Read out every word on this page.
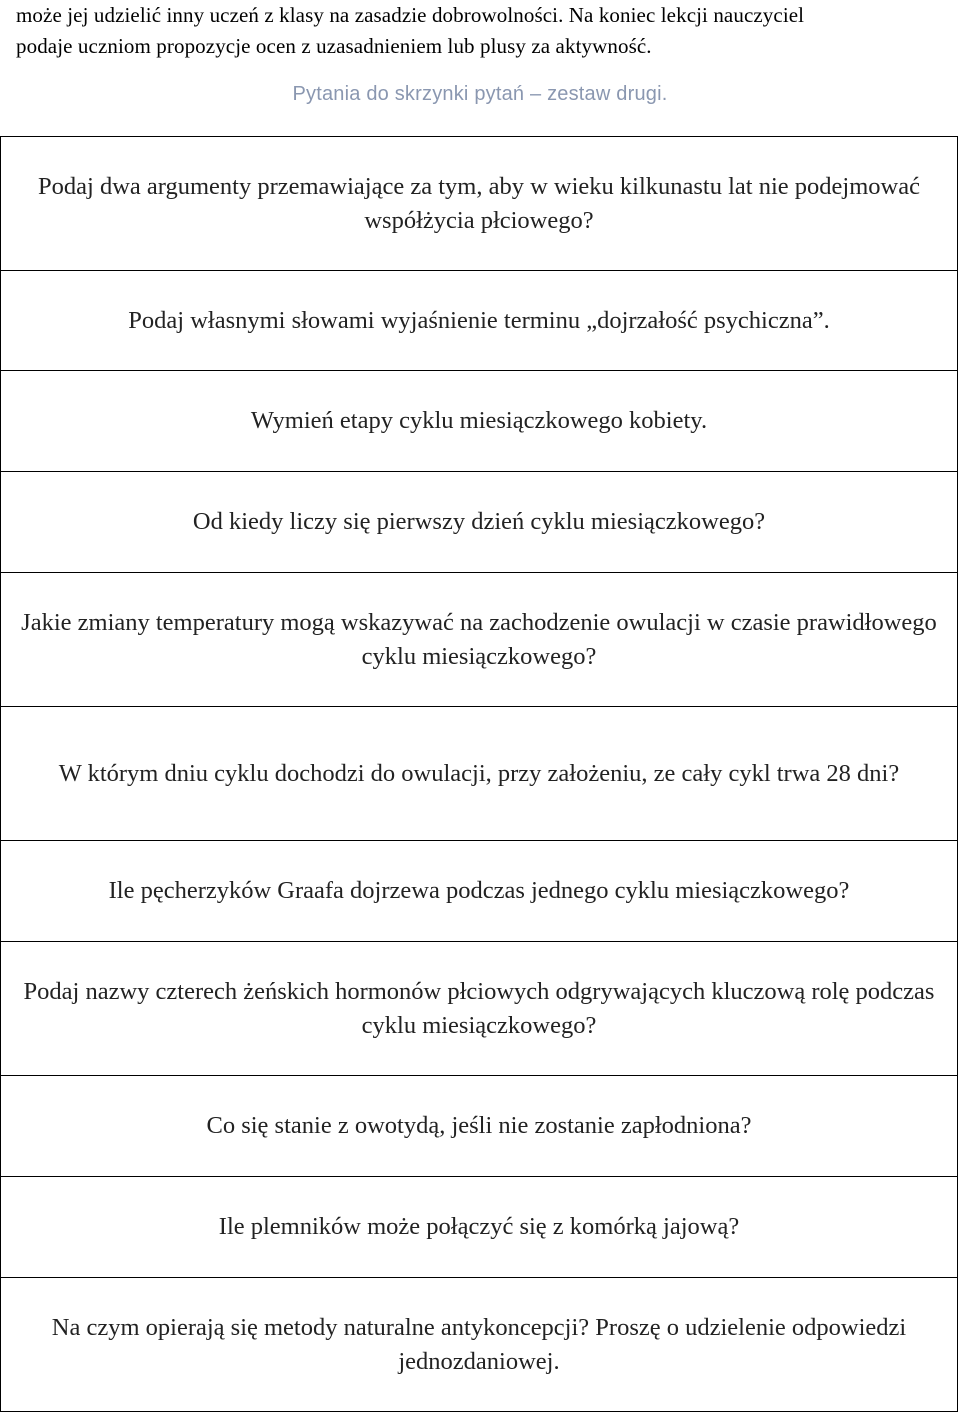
może jej udzielić inny uczeń z klasy na zasadzie dobrowolności. Na koniec lekcji nauczyciel

podaje uczniom propozycje ocen z uzasadnieniem lub plusy za aktywność.

Pytania do skrzynki pytań – zestaw drugi.
Podaj dwa argumenty przemawiające za tym, aby w wieku kilkunastu lat nie podejmować współżycia płciowego?
Podaj własnymi słowami wyjaśnienie terminu „dojrzałość psychiczna”.
Wymień etapy cyklu miesiączkowego kobiety.
Od kiedy liczy się pierwszy dzień cyklu miesiączkowego?
Jakie zmiany temperatury mogą wskazywać na zachodzenie owulacji w czasie prawidłowego cyklu miesiączkowego?
W którym dniu cyklu dochodzi do owulacji, przy założeniu, ze cały cykl trwa 28 dni?
Ile pęcherzyków Graafa dojrzewa podczas jednego cyklu miesiączkowego?
Podaj nazwy czterech żeńskich hormonów płciowych odgrywających kluczową rolę podczas cyklu miesiączkowego?
Co się stanie z owotydą, jeśli nie zostanie zapłodniona?
Ile plemników może połączyć się z komórką jajową?
Na czym opierają się metody naturalne antykoncepcji? Proszę o udzielenie odpowiedzi jednozdaniowej.
